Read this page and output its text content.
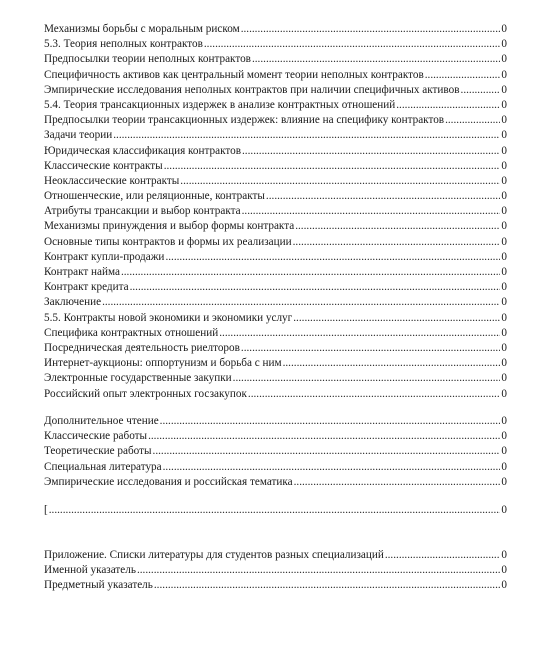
Механизмы борьбы с моральным риском .....	0
5.3. Теория неполных контрактов .....	0
Предпосылки теории неполных контрактов .....	0
Специфичность активов как центральный момент теории неполных контрактов .....	0
Эмпирические исследования неполных контрактов при наличии специфичных активов .....	0
5.4. Теория трансакционных издержек в анализе контрактных отношений .....	0
Предпосылки теории трансакционных издержек: влияние на специфику контрактов .....	0
Задачи теории .....	0
Юридическая классификация контрактов .....	0
Классические контракты .....	0
Неоклассические контракты .....	0
Отношенческие, или реляционные, контракты .....	0
Атрибуты трансакции и выбор контракта .....	0
Механизмы принуждения и выбор формы контракта .....	0
Основные типы контрактов и формы их реализации .....	0
Контракт купли-продажи .....	0
Контракт найма .....	0
Контракт кредита .....	0
Заключение .....	0
5.5. Контракты новой экономики и экономики услуг .....	0
Специфика контрактных отношений .....	0
Посредническая деятельность риелторов .....	0
Интернет-аукционы: оппортунизм и борьба с ним .....	0
Электронные государственные закупки .....	0
Российский опыт электронных госзакупок .....	0
Дополнительное чтение .....	0
Классические работы .....	0
Теоретические работы .....	0
Специальная литература .....	0
Эмпирические исследования и российская тематика .....	0
[ .....	0
Приложение. Списки литературы для студентов разных специализаций .....	0
Именной указатель .....	0
Предметный указатель .....	0
